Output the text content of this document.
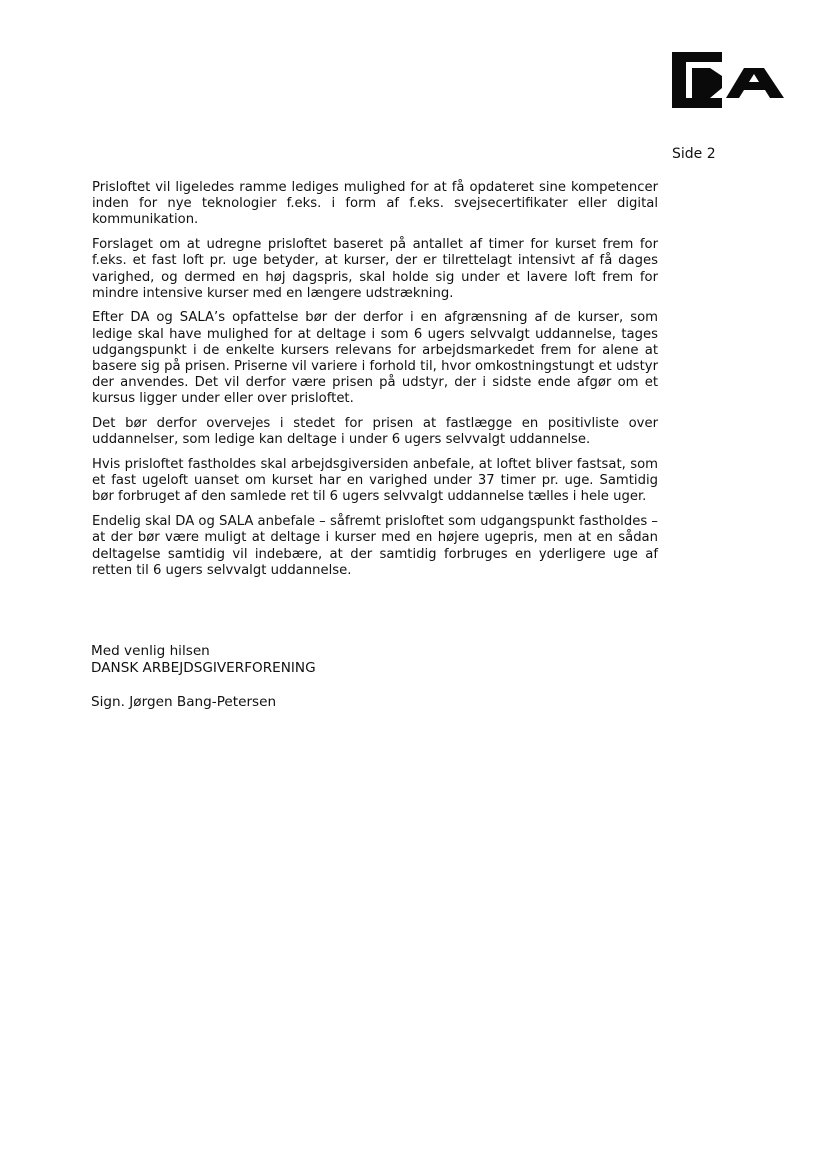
Side 2

Prisloftet vil ligeledes ramme lediges mulighed for at få opdateret sine kompetencer inden for nye teknologier f.eks. i form af f.eks. svejsecertifikater eller digital kommunikation.

Forslaget om at udregne prisloftet baseret på antallet af timer for kurset frem for f.eks. et fast loft pr. uge betyder, at kurser, der er tilrettelagt intensivt af få dages varighed, og dermed en høj dagspris, skal holde sig under et lavere loft frem for mindre intensive kurser med en længere udstrækning.

Efter DA og SALA’s opfattelse bør der derfor i en afgrænsning af de kurser, som ledige skal have mulighed for at deltage i som 6 ugers selvvalgt uddannelse, tages udgangspunkt i de enkelte kursers relevans for arbejdsmarkedet frem for alene at basere sig på prisen. Priserne vil variere i forhold til, hvor omkostningstungt et udstyr der anvendes. Det vil derfor være prisen på udstyr, der i sidste ende afgør om et kursus ligger under eller over prisloftet.

Det bør derfor overvejes i stedet for prisen at fastlægge en positivliste over uddannelser, som ledige kan deltage i under 6 ugers selvvalgt uddannelse.

Hvis prisloftet fastholdes skal arbejdsgiversiden anbefale, at loftet bliver fastsat, som et fast ugeloft uanset om kurset har en varighed under 37 timer pr. uge. Samtidig bør forbruget af den samlede ret til 6 ugers selvvalgt uddannelse tælles i hele uger.

Endelig skal DA og SALA anbefale – såfremt prisloftet som udgangspunkt fastholdes – at der bør være muligt at deltage i kurser med en højere ugepris, men at en sådan deltagelse samtidig vil indebære, at der samtidig forbruges en yderligere uge af retten til 6 ugers selvvalgt uddannelse.

Med venlig hilsen
DANSK ARBEJDSGIVERFORENING
Sign. Jørgen Bang-Petersen
